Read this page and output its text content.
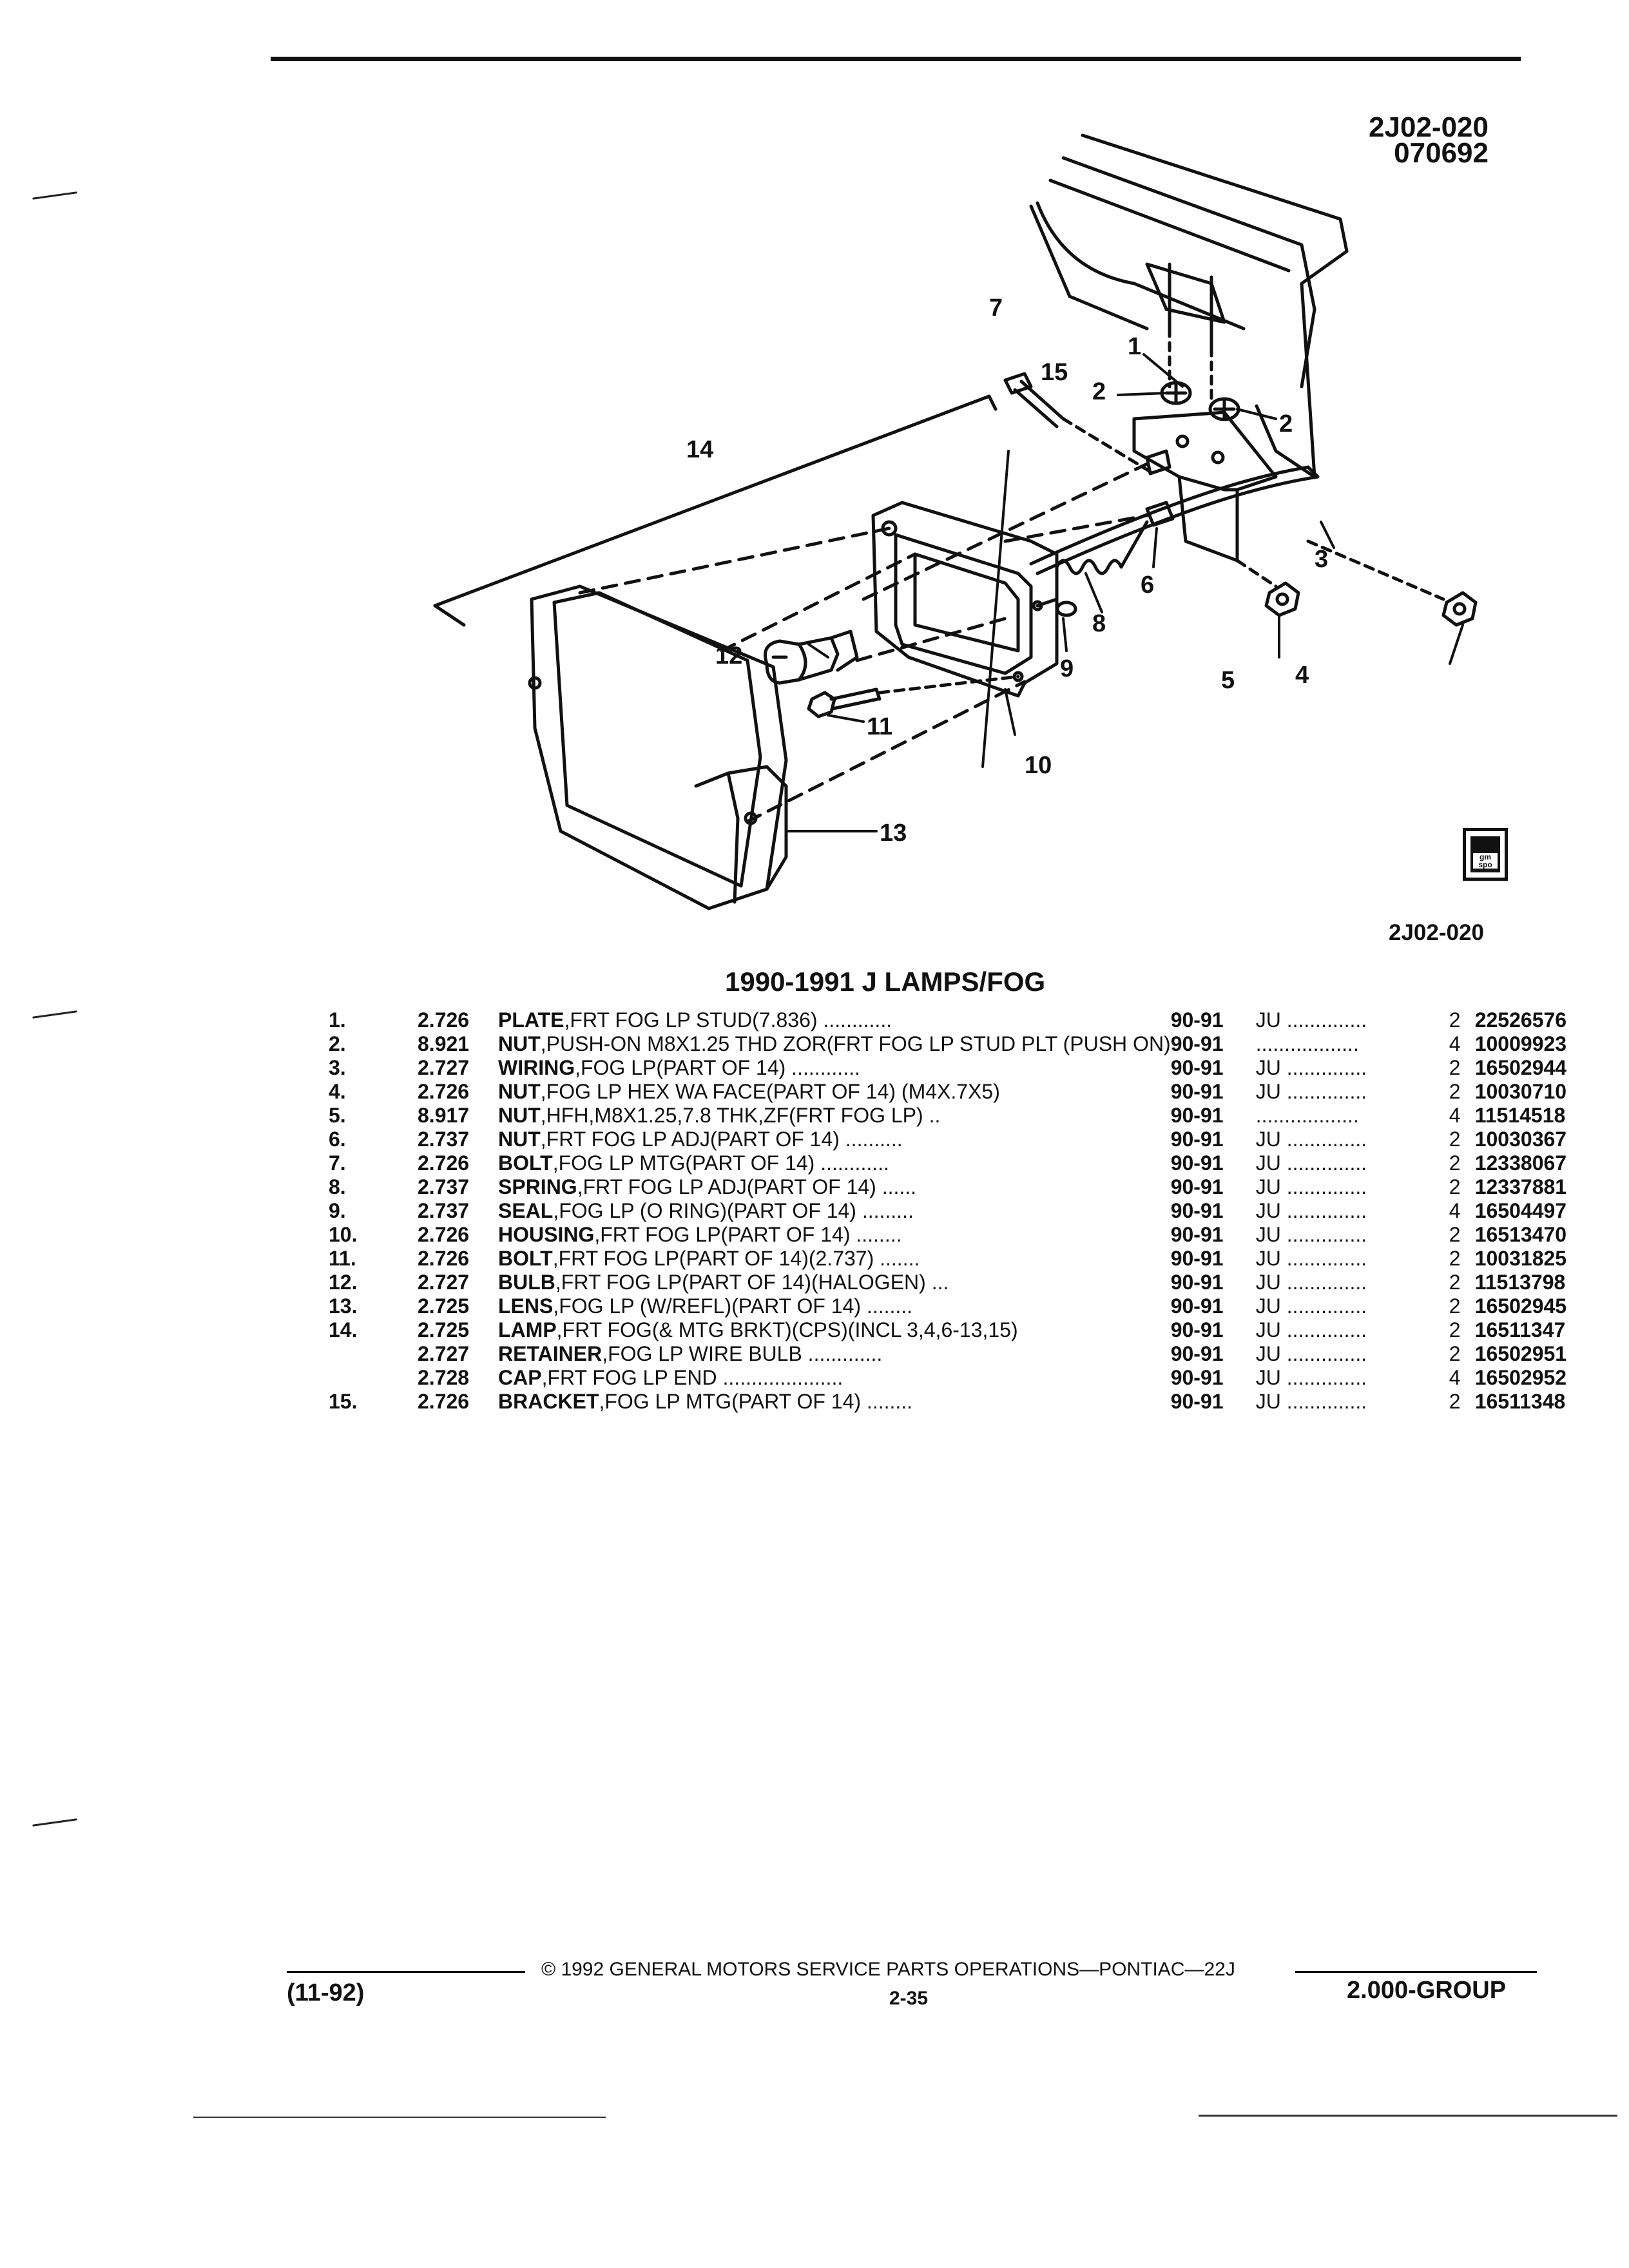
2J02-020
070692
1
2
2
3
4
5
6
7
8
9
10
11
12
13
14
15
gm spo
2J02-020
1990-1991 J LAMPS/FOG
1.	2.726	PLATE,FRT FOG LP STUD(7.836) ............	90-91	JU ..............	2	22526576
2.	8.921	NUT,PUSH-ON M8X1.25 THD ZOR(FRT FOG LP STUD PLT (PUSH ON)	90-91	..................	4	10009923
3.	2.727	WIRING,FOG LP(PART OF 14) ............	90-91	JU ..............	2	16502944
4.	2.726	NUT,FOG LP HEX WA FACE(PART OF 14) (M4X.7X5)	90-91	JU ..............	2	10030710
5.	8.917	NUT,HFH,M8X1.25,7.8 THK,ZF(FRT FOG LP) ..	90-91	..................	4	11514518
6.	2.737	NUT,FRT FOG LP ADJ(PART OF 14) ..........	90-91	JU ..............	2	10030367
7.	2.726	BOLT,FOG LP MTG(PART OF 14) ............	90-91	JU ..............	2	12338067
8.	2.737	SPRING,FRT FOG LP ADJ(PART OF 14) ......	90-91	JU ..............	2	12337881
9.	2.737	SEAL,FOG LP (O RING)(PART OF 14) .........	90-91	JU ..............	4	16504497
10.	2.726	HOUSING,FRT FOG LP(PART OF 14) ........	90-91	JU ..............	2	16513470
11.	2.726	BOLT,FRT FOG LP(PART OF 14)(2.737) .......	90-91	JU ..............	2	10031825
12.	2.727	BULB,FRT FOG LP(PART OF 14)(HALOGEN) ...	90-91	JU ..............	2	11513798
13.	2.725	LENS,FOG LP (W/REFL)(PART OF 14) ........	90-91	JU ..............	2	16502945
14.	2.725	LAMP,FRT FOG(& MTG BRKT)(CPS)(INCL 3,4,6-13,15)	90-91	JU ..............	2	16511347
	2.727	RETAINER,FOG LP WIRE BULB .............	90-91	JU ..............	2	16502951
	2.728	CAP,FRT FOG LP END .....................	90-91	JU ..............	4	16502952
15.	2.726	BRACKET,FOG LP MTG(PART OF 14) ........	90-91	JU ..............	2	16511348
© 1992 GENERAL MOTORS SERVICE PARTS OPERATIONS—PONTIAC—22J
(11-92)	2-35	2.000-GROUP
